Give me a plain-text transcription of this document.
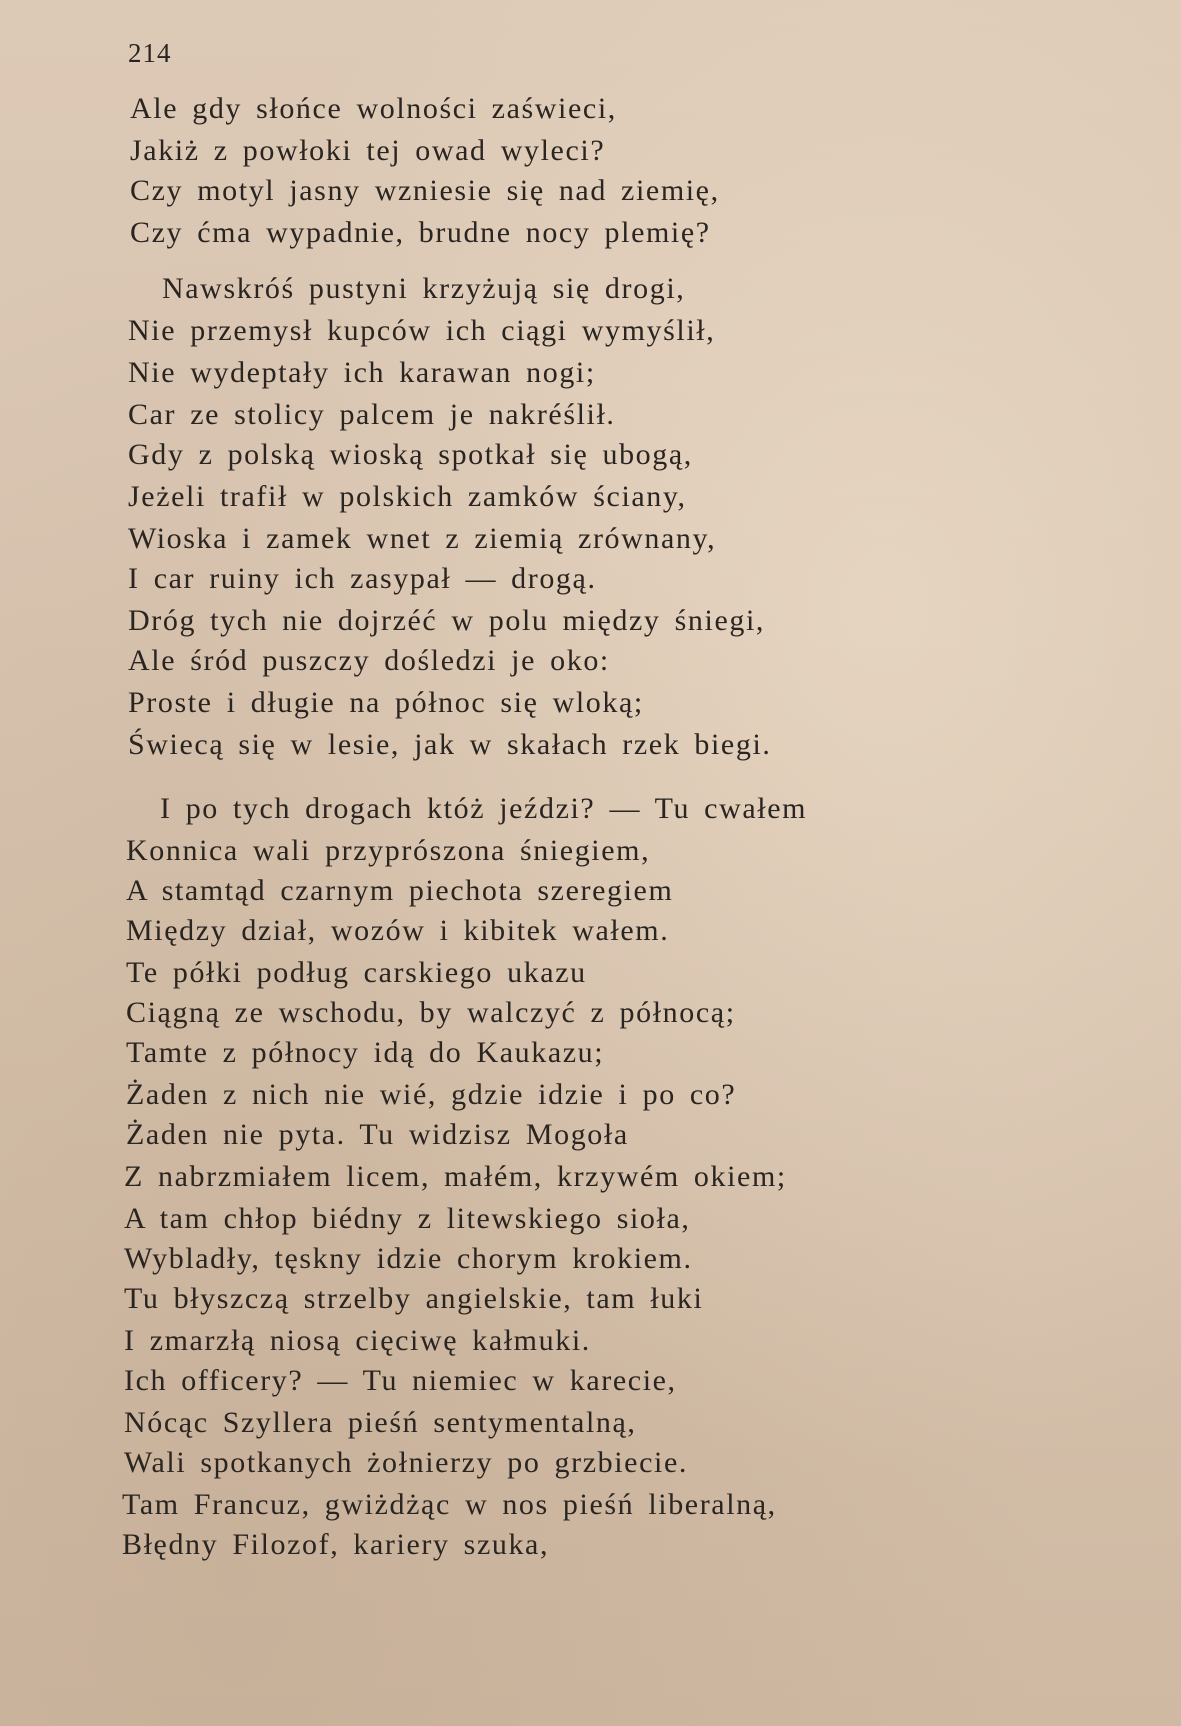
214
Ale gdy słońce wolności zaświeci,
Jakiż z powłoki tej owad wyleci?
Czy motyl jasny wzniesie się nad ziemię,
Czy ćma wypadnie, brudne nocy plemię?
Nawskróś pustyni krzyżują się drogi,
Nie przemysł kupców ich ciągi wymyślił,
Nie wydeptały ich karawan nogi;
Car ze stolicy palcem je nakréślił.
Gdy z polską wioską spotkał się ubogą,
Jeżeli trafił w polskich zamków ściany,
Wioska i zamek wnet z ziemią zrównany,
I car ruiny ich zasypał — drogą.
Dróg tych nie dojrzéć w polu między śniegi,
Ale śród puszczy dośledzi je oko:
Proste i długie na północ się wloką;
Świecą się w lesie, jak w skałach rzek biegi.
I po tych drogach któż jeździ? — Tu cwałem
Konnica wali przyprószona śniegiem,
A stamtąd czarnym piechota szeregiem
Między dział, wozów i kibitek wałem.
Te półki podług carskiego ukazu
Ciągną ze wschodu, by walczyć z północą;
Tamte z północy idą do Kaukazu;
Żaden z nich nie wié, gdzie idzie i po co?
Żaden nie pyta. Tu widzisz Mogoła
Z nabrzmiałem licem, małém, krzywém okiem;
A tam chłop biédny z litewskiego sioła,
Wybladły, tęskny idzie chorym krokiem.
Tu błyszczą strzelby angielskie, tam łuki
I zmarzłą niosą cięciwę kałmuki.
Ich officery? — Tu niemiec w karecie,
Nócąc Szyllera pieśń sentymentalną,
Wali spotkanych żołnierzy po grzbiecie.
Tam Francuz, gwiżdżąc w nos pieśń liberalną,
Błędny Filozof, kariery szuka,
